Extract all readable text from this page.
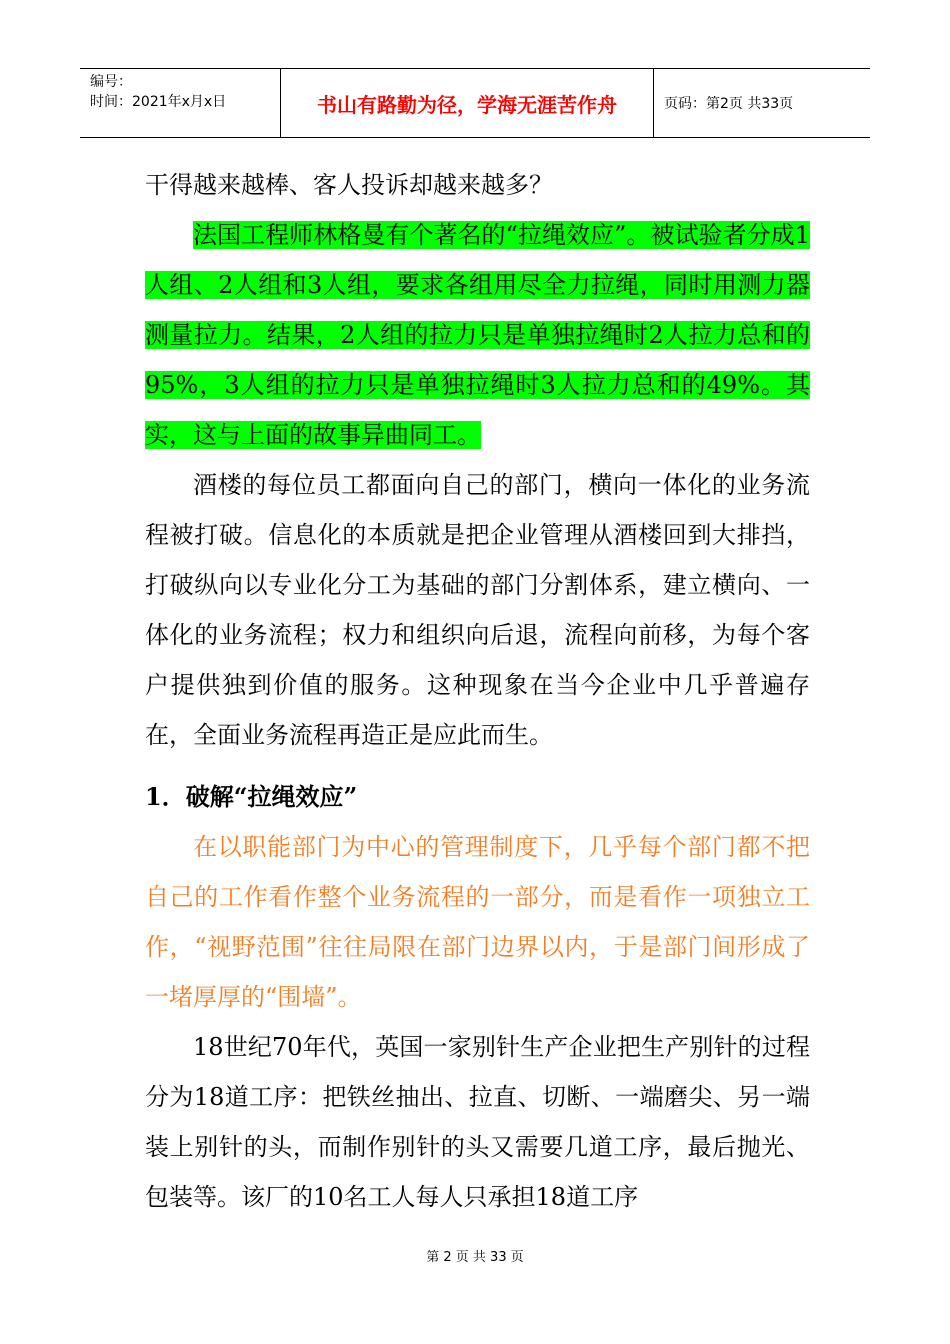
编号：
时间：2021年x月x日	书山有路勤为径，学海无涯苦作舟	页码：第2页 共33页

干得越来越棒、客人投诉却越来越多？

法国工程师林格曼有个著名的“拉绳效应”。被试验者分成1人组、2人组和3人组，要求各组用尽全力拉绳，同时用测力器测量拉力。结果，2人组的拉力只是单独拉绳时2人拉力总和的95%，3人组的拉力只是单独拉绳时3人拉力总和的49%。其实，这与上面的故事异曲同工。

酒楼的每位员工都面向自己的部门，横向一体化的业务流程被打破。信息化的本质就是把企业管理从酒楼回到大排挡，打破纵向以专业化分工为基础的部门分割体系，建立横向、一体化的业务流程；权力和组织向后退，流程向前移，为每个客户提供独到价值的服务。这种现象在当今企业中几乎普遍存在，全面业务流程再造正是应此而生。

1．破解“拉绳效应”

在以职能部门为中心的管理制度下，几乎每个部门都不把自己的工作看作整个业务流程的一部分，而是看作一项独立工作，“视野范围”往往局限在部门边界以内，于是部门间形成了一堵厚厚的“围墙”。

18世纪70年代，英国一家别针生产企业把生产别针的过程分为18道工序：把铁丝抽出、拉直、切断、一端磨尖、另一端装上别针的头，而制作别针的头又需要几道工序，最后抛光、包装等。该厂的10名工人每人只承担18道工序

第 2 页 共 33 页
